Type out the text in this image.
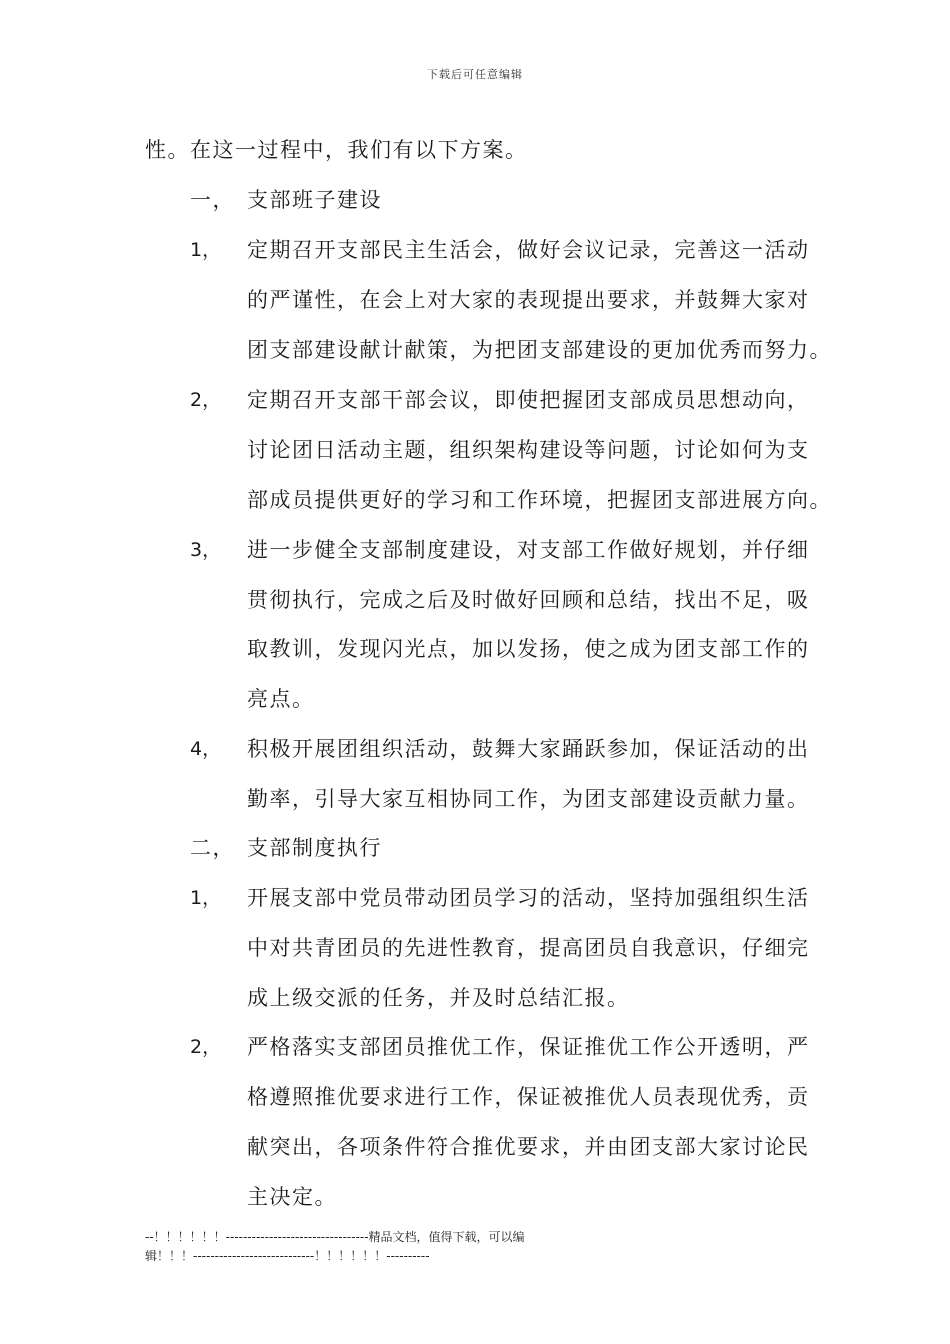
下载后可任意编辑
性。在这一过程中，我们有以下方案。
一， 支部班子建设
1， 定期召开支部民主生活会，做好会议记录，完善这一活动
的严谨性，在会上对大家的表现提出要求，并鼓舞大家对
团支部建设献计献策，为把团支部建设的更加优秀而努力。
2， 定期召开支部干部会议，即使把握团支部成员思想动向，
讨论团日活动主题，组织架构建设等问题，讨论如何为支
部成员提供更好的学习和工作环境，把握团支部进展方向。
3， 进一步健全支部制度建设，对支部工作做好规划，并仔细
贯彻执行，完成之后及时做好回顾和总结，找出不足，吸
取教训，发现闪光点，加以发扬，使之成为团支部工作的
亮点。
4， 积极开展团组织活动，鼓舞大家踊跃参加，保证活动的出
勤率，引导大家互相协同工作，为团支部建设贡献力量。
二， 支部制度执行
1， 开展支部中党员带动团员学习的活动，坚持加强组织生活
中对共青团员的先进性教育，提高团员自我意识，仔细完
成上级交派的任务，并及时总结汇报。
2， 严格落实支部团员推优工作，保证推优工作公开透明，严
格遵照推优要求进行工作，保证被推优人员表现优秀，贡
献突出，各项条件符合推优要求，并由团支部大家讨论民
主决定。
--！！！！！！---------------------------------精品文档，值得下载，可以编
辑！！！----------------------------！！！！！！----------
